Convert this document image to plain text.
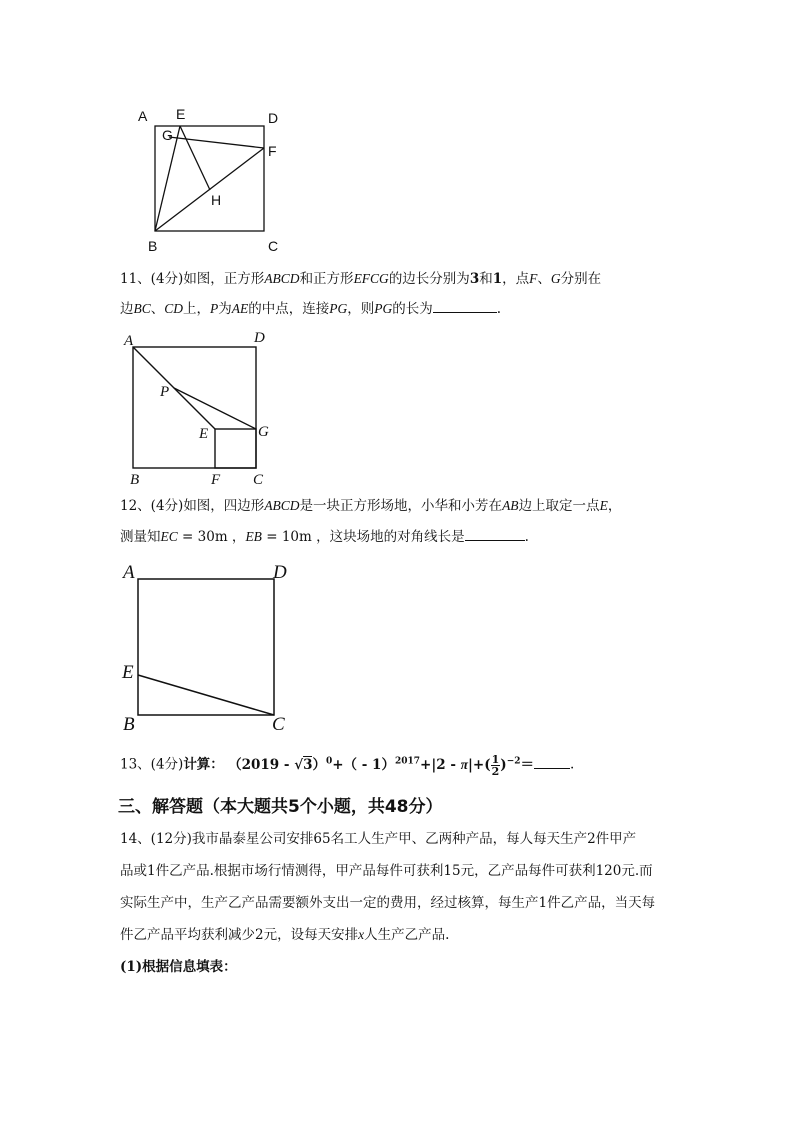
A E	D
G
F
H
B	C
11、(4分)如图，正方形ABCD和正方形EFCG的边长分别为3和1，点F、G分别在
边BC、CD上，P为AE的中点，连接PG，则PG的长为	.
A	D
P
E	G
B	F C
12、(4分)如图，四边形ABCD是一块正方形场地，小华和小芳在AB边上取定一点E，
测量知EC = 30m ，EB = 10m ，这块场地的对角线长是	.
A	D
E
B	C
13、(4分)计算： $(2019 - √3)^0+( - 1)^{2017}+|2 - \pi|+( \frac{1}{2} )^{-2}=$	.
三、解答题（本大题共5个小题，共48分）
14、(12分)我市晶泰星公司安排65名工人生产甲、乙两种产品，每人每天生产2件甲产
品或1件乙产品.根据市场行情测得，甲产品每件可获利15元，乙产品每件可获利120元.而
实际生产中，生产乙产品需要额外支出一定的费用，经过核算，每生产1件乙产品，当天每
件乙产品平均获利减少2元，设每天安排x人生产乙产品.
(1)根据信息填表：
